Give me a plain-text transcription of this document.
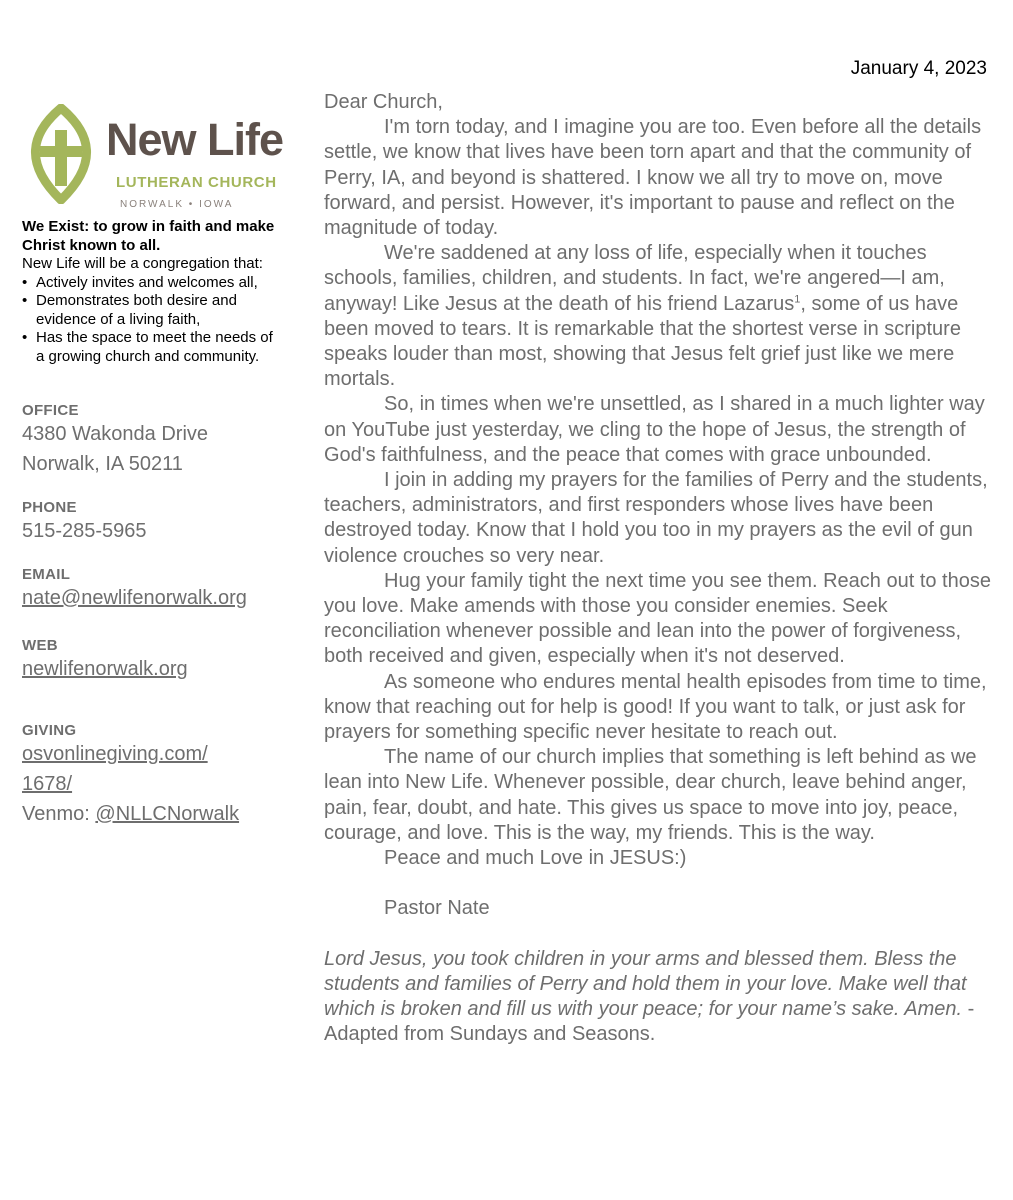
January 4, 2023
New Life
LUTHERAN CHURCH
NORWALK • IOWA
We Exist: to grow in faith and make Christ known to all.
New Life will be a congregation that:
• Actively invites and welcomes all,
• Demonstrates both desire and evidence of a living faith,
• Has the space to meet the needs of a growing church and community.
OFFICE
4380 Wakonda Drive
Norwalk, IA 50211
PHONE
515-285-5965
EMAIL
nate@newlifenorwalk.org
WEB
newlifenorwalk.org
GIVING
osvonlinegiving.com/
1678/
Venmo: @NLLCNorwalk

Dear Church,

I'm torn today, and I imagine you are too. Even before all the details settle, we know that lives have been torn apart and that the community of Perry, IA, and beyond is shattered. I know we all try to move on, move forward, and persist. However, it's important to pause and reflect on the magnitude of today.

We're saddened at any loss of life, especially when it touches schools, families, children, and students. In fact, we're angered—I am, anyway! Like Jesus at the death of his friend Lazarus$^1$, some of us have been moved to tears. It is remarkable that the shortest verse in scripture speaks louder than most, showing that Jesus felt grief just like we mere mortals.

So, in times when we're unsettled, as I shared in a much lighter way on YouTube just yesterday, we cling to the hope of Jesus, the strength of God's faithfulness, and the peace that comes with grace unbounded.

I join in adding my prayers for the families of Perry and the students, teachers, administrators, and first responders whose lives have been destroyed today. Know that I hold you too in my prayers as the evil of gun violence crouches so very near.

Hug your family tight the next time you see them. Reach out to those you love. Make amends with those you consider enemies. Seek reconciliation whenever possible and lean into the power of forgiveness, both received and given, especially when it's not deserved.

As someone who endures mental health episodes from time to time, know that reaching out for help is good! If you want to talk, or just ask for prayers for something specific never hesitate to reach out.

The name of our church implies that something is left behind as we lean into New Life. Whenever possible, dear church, leave behind anger, pain, fear, doubt, and hate. This gives us space to move into joy, peace, courage, and love. This is the way, my friends. This is the way.

Peace and much Love in JESUS:)

Pastor Nate

Lord Jesus, you took children in your arms and blessed them. Bless the students and families of Perry and hold them in your love. Make well that which is broken and fill us with your peace; for your name’s sake. Amen. -Adapted from Sundays and Seasons.
